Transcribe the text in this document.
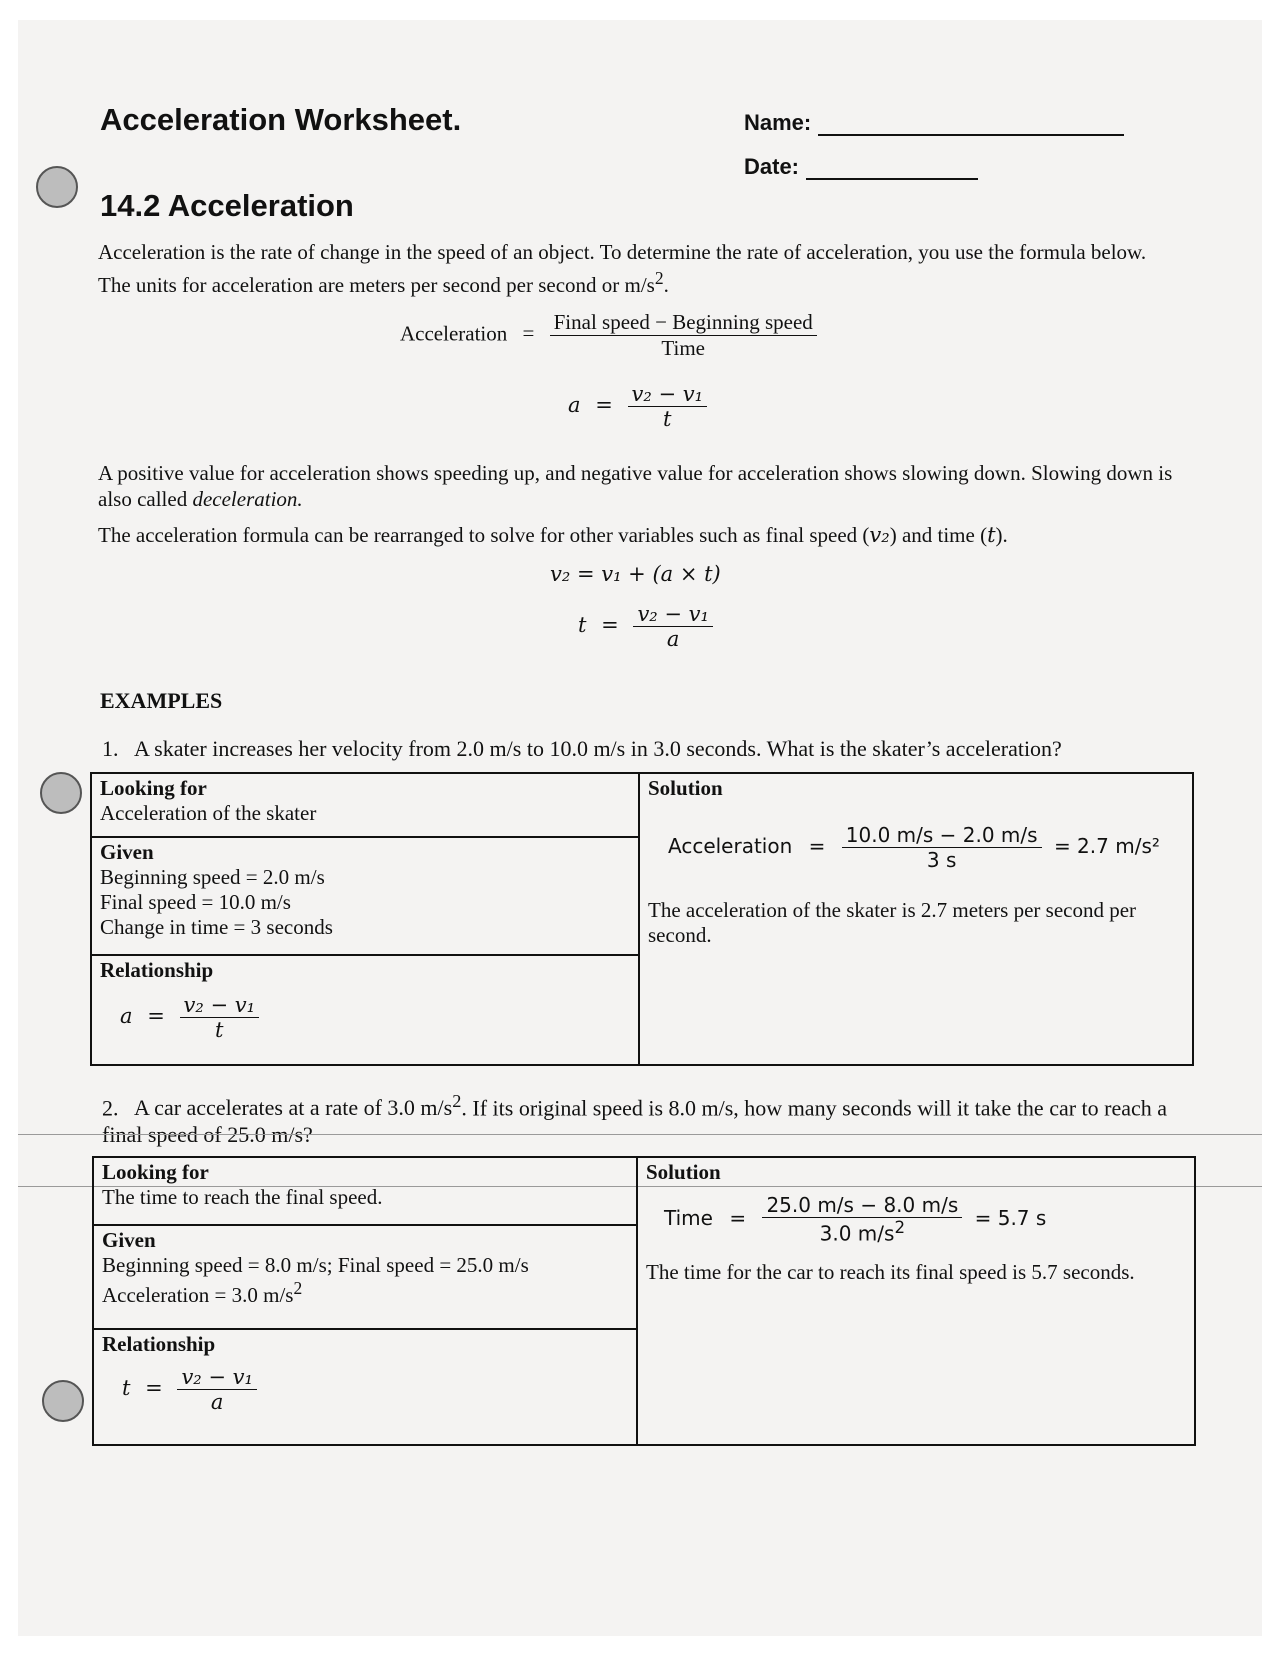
Acceleration Worksheet.	Name:
Date:
14.2 Acceleration
Acceleration is the rate of change in the speed of an object. To determine the rate of acceleration, you use the formula below. The units for acceleration are meters per second per second or $m/s^2$.
Acceleration = $\frac{\text{Final speed − Beginning speed}}{\text{Time}}$
$a = \frac{\text{v₂ − v₁}}{t}$
A positive value for acceleration shows speeding up, and negative value for acceleration shows slowing down. Slowing down is also called deceleration.
The acceleration formula can be rearranged to solve for other variables such as final speed (v₂) and time (t).
v₂ = v₁ + (a × t)
$t = \frac{\text{v₂ − v₁}}{a}$
EXAMPLES
1. A skater increases her velocity from 2.0 m/s to 10.0 m/s in 3.0 seconds. What is the skater’s acceleration?
Looking for
Acceleration of the skater

Solution
Acceleration = $\frac{10.0 m/s - 2.0 m/s}{3 s} = 2.7$ m/s²
The acceleration of the skater is 2.7 meters per second per second.

Given
Beginning speed = 2.0 m/s
Final speed = 10.0 m/s
Change in time = 3 seconds

Relationship
$a = \frac{\text{v₂ − v₁}}{t}$
2. A car accelerates at a rate of 3.0 $m/s^2$. If its original speed is 8.0 m/s, how many seconds will it take the car to reach a final speed of 25.0 m/s?
Looking for
The time to reach the final speed.

Solution
Time = $\frac{25.0 m/s - 8.0 m/s}{3.0 m/s^2} = 5.7$ s
The time for the car to reach its final speed is 5.7 seconds.

Given
Beginning speed = 8.0 m/s; Final speed = 25.0 m/s
Acceleration = 3.0 $m/s^2$

Relationship
$t = \frac{\text{v₂ − v₁}}{a}$
